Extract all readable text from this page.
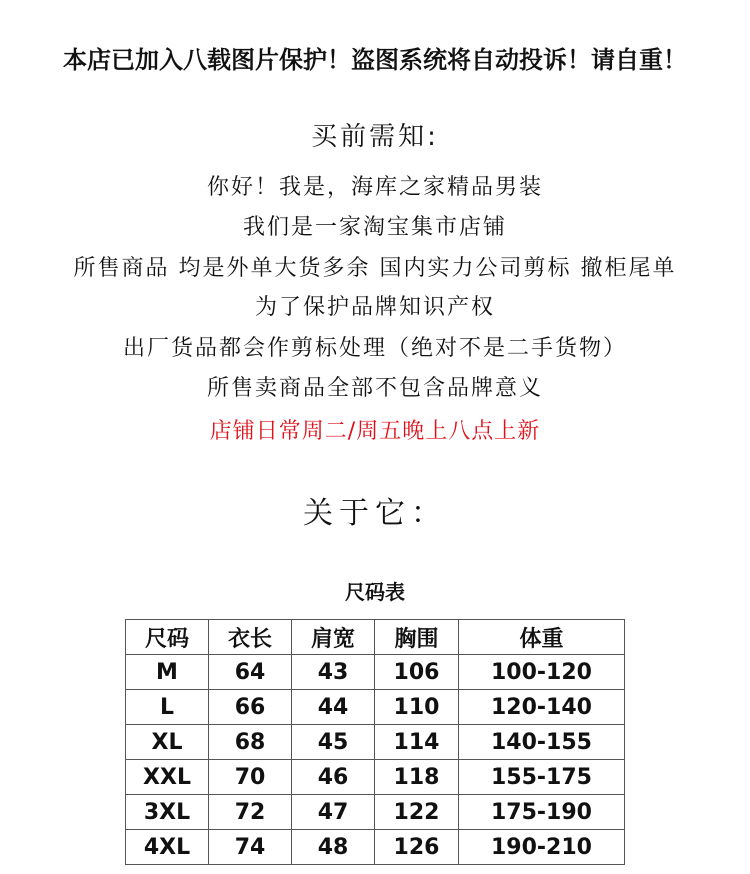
本店已加入八载图片保护！盗图系统将自动投诉！请自重！
买前需知:
你好！我是，海库之家精品男装
我们是一家淘宝集市店铺
所售商品 均是外单大货多余 国内实力公司剪标 撤柜尾单
为了保护品牌知识产权
出厂货品都会作剪标处理（绝对不是二手货物）
所售卖商品全部不包含品牌意义
店铺日常周二/周五晚上八点上新
关于它：
尺码表
尺码	衣长	肩宽	胸围	体重
M	64	43	106	100-120
L	66	44	110	120-140
XL	68	45	114	140-155
XXL	70	46	118	155-175
3XL	72	47	122	175-190
4XL	74	48	126	190-210
